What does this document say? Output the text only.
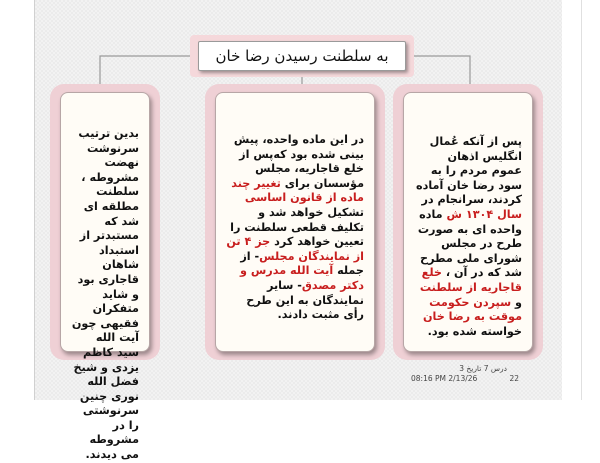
به سلطنت رسیدن رضا خان
بدین ترتیب سرنوشت نهضت مشروطه ، سلطنت مطلقه ای شد که مستبدتر از استبداد شاهان قاجاری بود و شاید متفکران فقیهی چون آیت الله سید کاظم یزدی و شیخ فضل الله نوری چنین سرنوشتی را در مشروطه می دیدند.
در این ماده واحده، پیش بینی شده بود که‌پس از خلع قاجاریه، مجلس مؤسسان برای تغییر چند ماده از قانون اساسی تشکیل خواهد شد و تکلیف قطعی سلطنت را تعیین خواهد کرد جز ۴ تن از نمایندگان مجلس- از جمله آیت الله مدرس و دکتر مصدق- سایر نمایندگان به این طرح رأی مثبت دادند.
پس از آنکه عُمال انگلیس اذهان عموم مردم را به سود رضا خان آماده کردند، سرانجام در سال ۱۳۰۴ ش ماده واحده ای به صورت طرح در مجلس شورای ملی مطرح شد که در آن ، خلع قاجاریه از سلطنت و سپردن حکومت موقت به رضا خان خواسته شده بود.
درس 7 تاریخ 3
08:16 PM 2/13/26	22
